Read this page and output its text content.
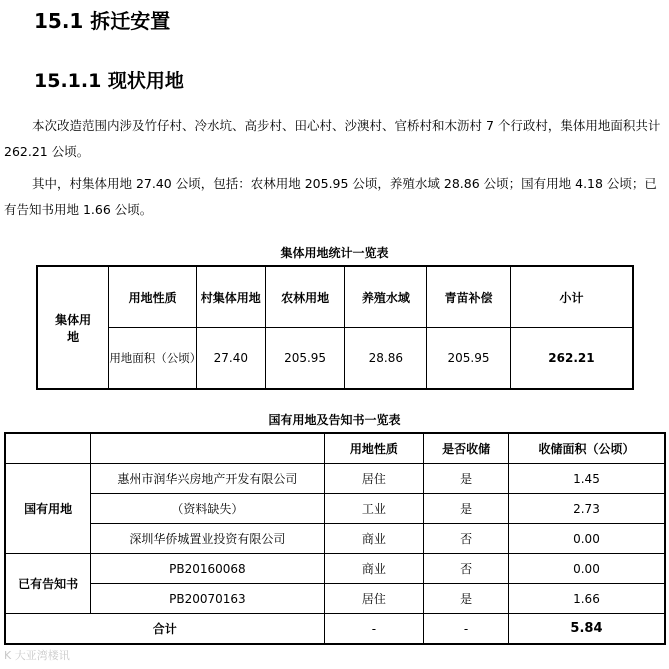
15.1 拆迁安置
15.1.1 现状用地
本次改造范围内涉及竹仔村、冷水坑、高步村、田心村、沙澳村、官桥村和木沥村 7 个行政村，集体用地面积共计 262.21 公顷。
其中，村集体用地 27.40 公顷，包括：农林用地 205.95 公顷，养殖水域 28.86 公顷；国有用地 4.18 公顷；已有告知书用地 1.66 公顷。
集体用地统计一览表
集体用地	用地性质	村集体用地	农林用地	养殖水域	青苗补偿	小计
	用地面积（公顷）	27.40	205.95	28.86	205.95	262.21
国有用地及告知书一览表
		用地性质	是否收储	收储面积（公顷）
国有用地	惠州市润华兴房地产开发有限公司	居住	是	1.45
	（资料缺失）	工业	是	2.73
	深圳华侨城置业投资有限公司	商业	否	0.00
已有告知书	PB20160068	商业	否	0.00
	PB20070163	居住	是	1.66
合计		-	-	5.84
K 大亚湾楼讯
